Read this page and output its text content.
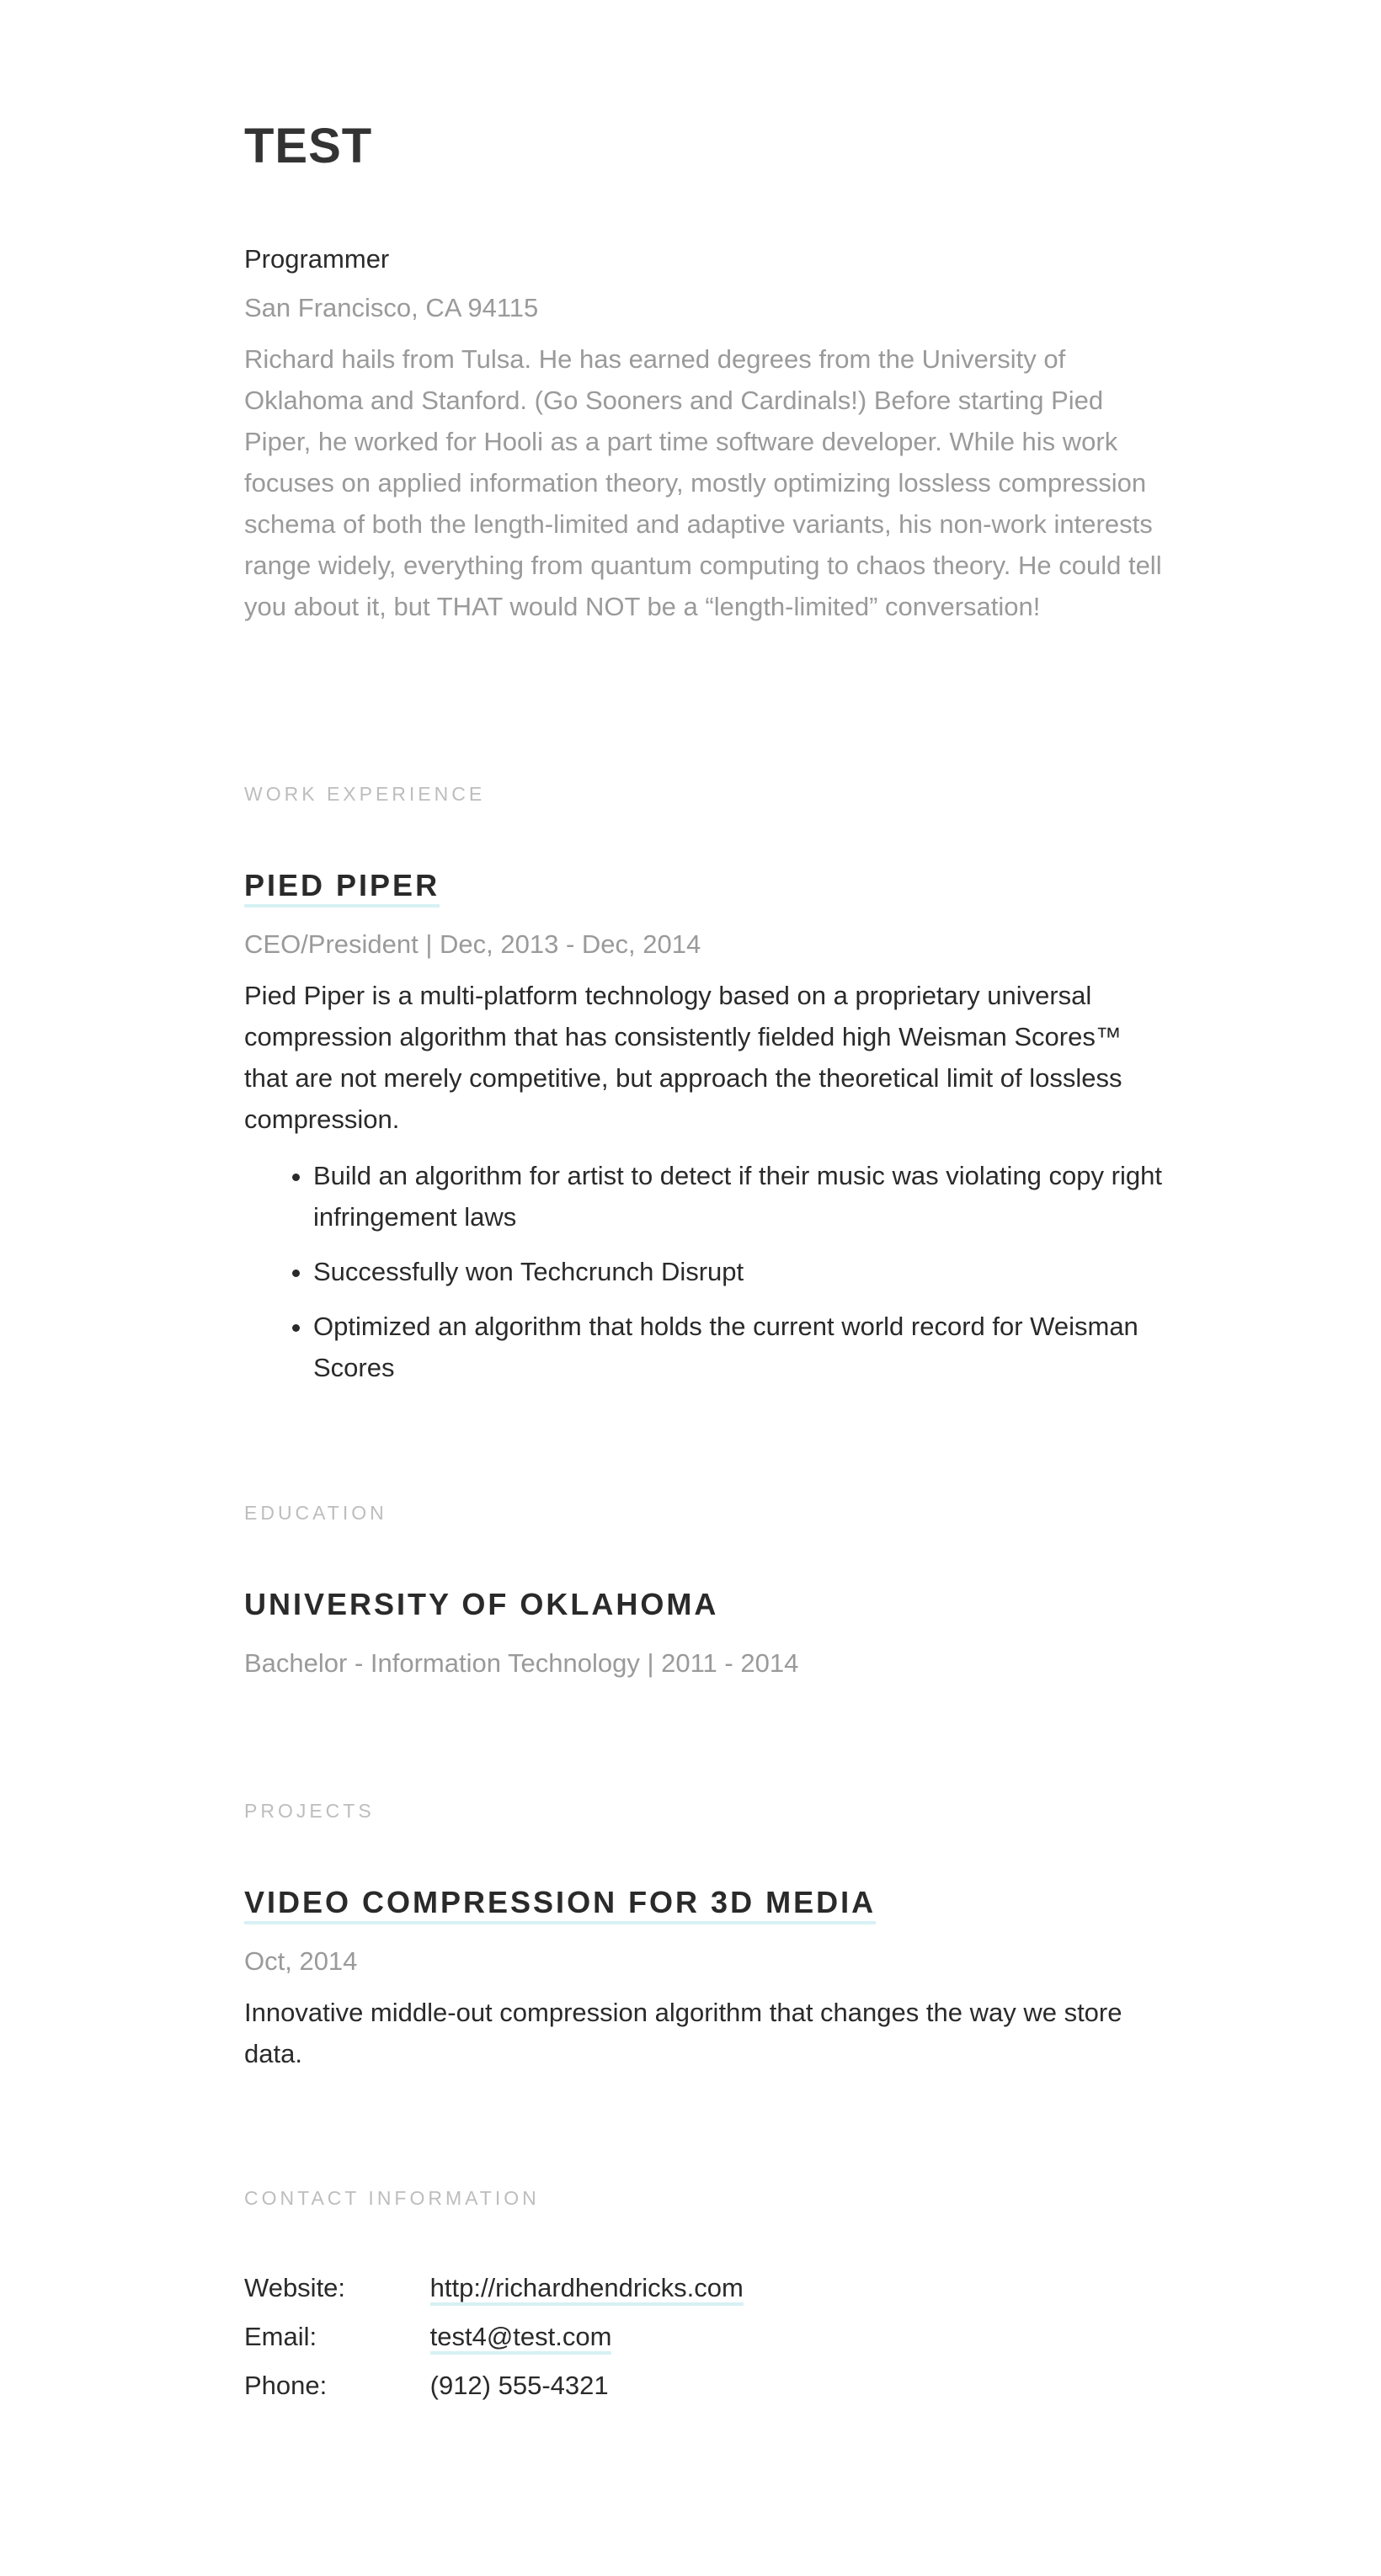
TEST
Programmer
San Francisco, CA 94115
Richard hails from Tulsa. He has earned degrees from the University of Oklahoma and Stanford. (Go Sooners and Cardinals!) Before starting Pied Piper, he worked for Hooli as a part time software developer. While his work focuses on applied information theory, mostly optimizing lossless compression schema of both the length-limited and adaptive variants, his non-work interests range widely, everything from quantum computing to chaos theory. He could tell you about it, but THAT would NOT be a “length-limited” conversation!
WORK EXPERIENCE
PIED PIPER
CEO/President | Dec, 2013 - Dec, 2014
Pied Piper is a multi-platform technology based on a proprietary universal compression algorithm that has consistently fielded high Weisman Scores™ that are not merely competitive, but approach the theoretical limit of lossless compression.
• Build an algorithm for artist to detect if their music was violating copy right infringement laws
• Successfully won Techcrunch Disrupt
• Optimized an algorithm that holds the current world record for Weisman Scores
EDUCATION
UNIVERSITY OF OKLAHOMA
Bachelor - Information Technology | 2011 - 2014
PROJECTS
VIDEO COMPRESSION FOR 3D MEDIA
Oct, 2014
Innovative middle-out compression algorithm that changes the way we store data.
CONTACT INFORMATION
Website:	http://richardhendricks.com
Email:	test4@test.com
Phone:	(912) 555-4321
